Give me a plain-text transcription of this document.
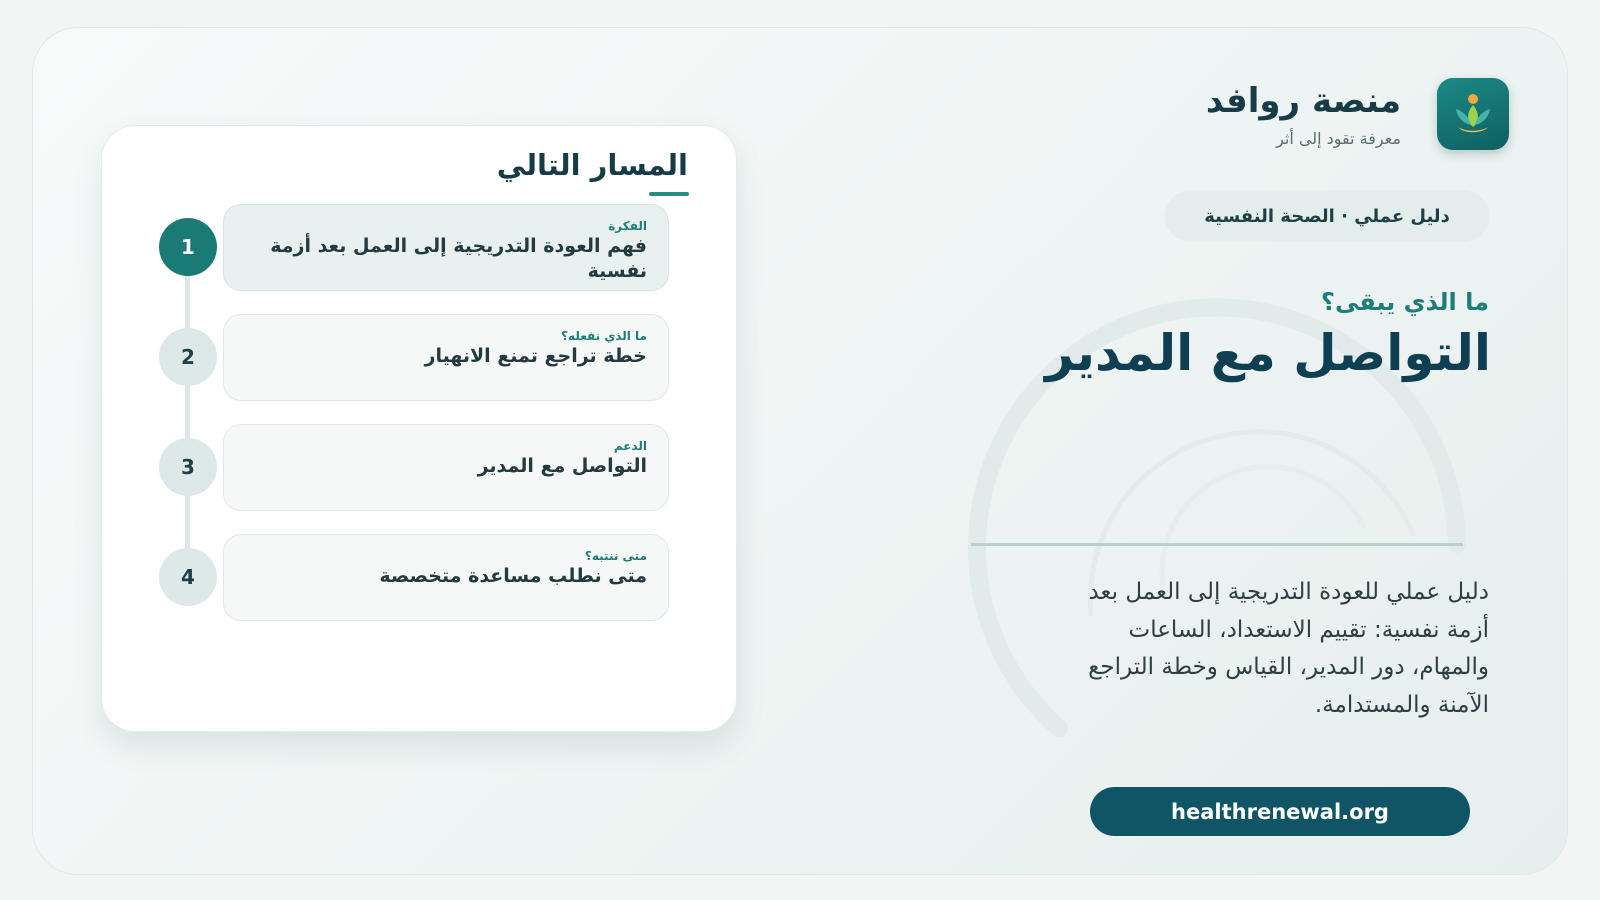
منصة روافد
معرفة تقود إلى أثر
دليل عملي · الصحة النفسية
ما الذي يبقى؟
التواصل مع المدير
دليل عملي للعودة التدريجية إلى العمل بعد أزمة نفسية: تقييم الاستعداد، الساعات والمهام، دور المدير، القياس وخطة التراجع الآمنة والمستدامة.
healthrenewal.org
المسار التالي
1
الفكرة
فهم العودة التدريجية إلى العمل بعد أزمة نفسية
2
ما الذي نفعله؟
خطة تراجع تمنع الانهيار
3
الدعم
التواصل مع المدير
4
متى ننتبه؟
متى نطلب مساعدة متخصصة
